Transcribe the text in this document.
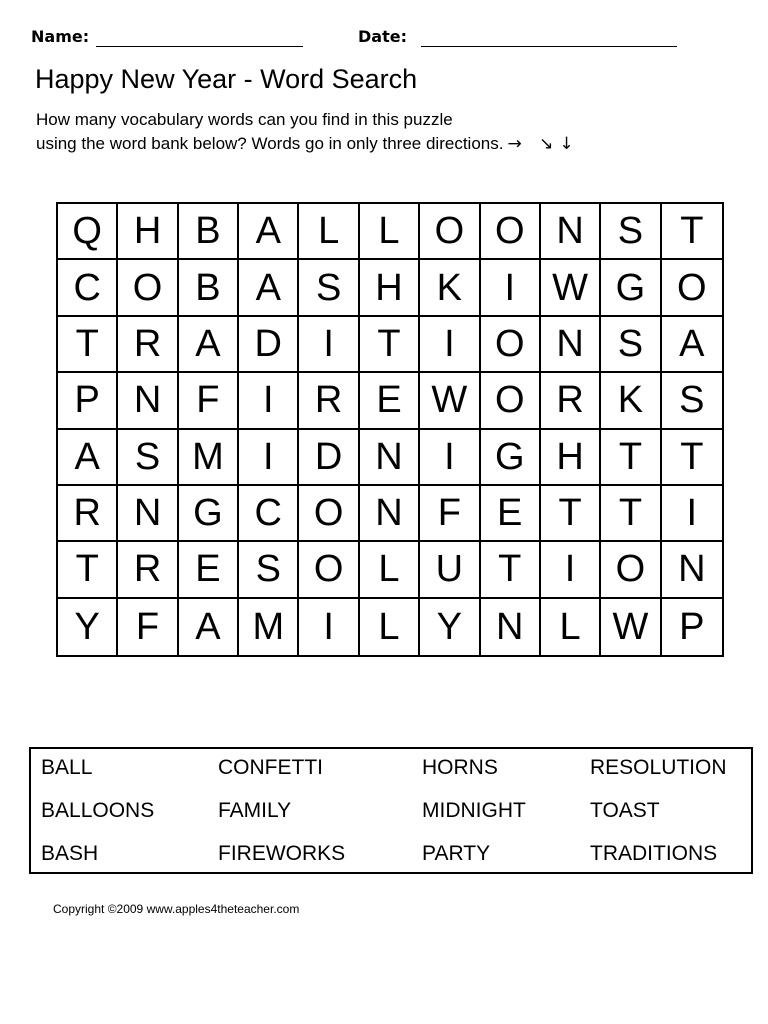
Name:	Date:
Happy New Year - Word Search
How many vocabulary words can you find in this puzzle
using the word bank below? Words go in only three directions. → ↘↓
Q H B A L	L O O N S T
C O B A S H K	I W G O
T R A D	I	T	I	O N S A
P N F	I	R E W O R K S
A S M	I	D N	I	G H T	T
R N G C O N F E T T	I
T R E S O L U T	I	O N
Y F A M	I	L Y N L W P
BALL	CONFETTI	HORNS	RESOLUTION
BALLOONS	FAMILY	MIDNIGHT	TOAST
BASH	FIREWORKS	PARTY	TRADITIONS
Copyright ©2009 www.apples4theteacher.com
